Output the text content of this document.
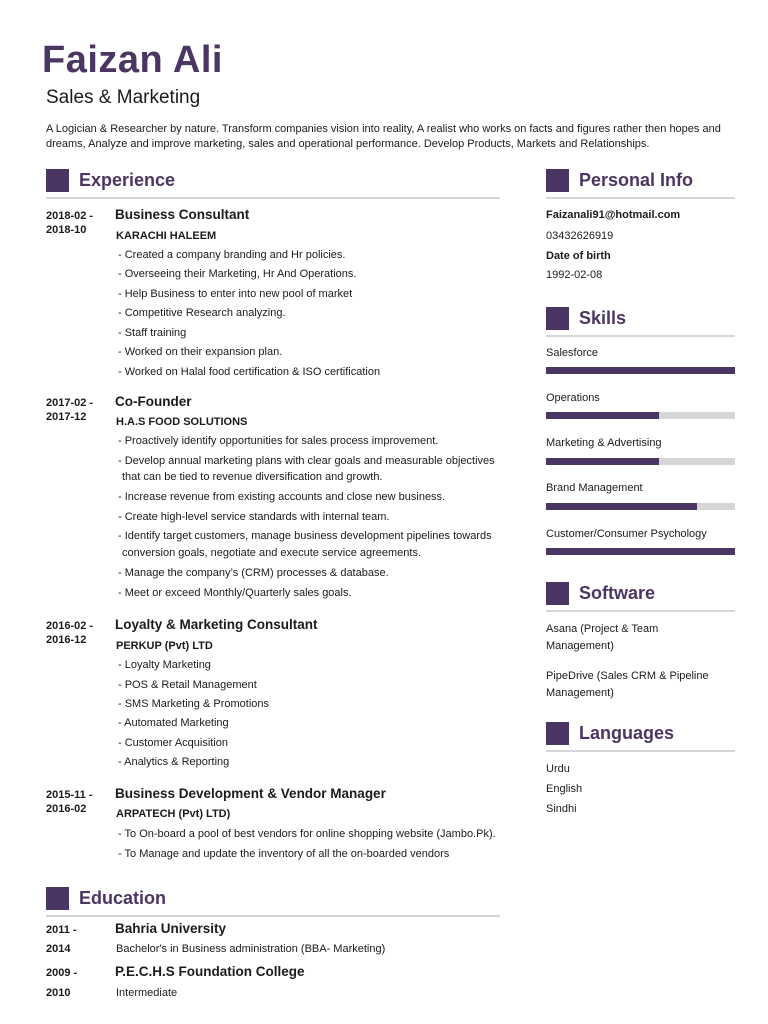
Faizan Ali
Sales & Marketing
A Logician & Researcher by nature. Transform companies vision into reality, A realist who works on facts and figures rather then hopes and dreams, Analyze and improve marketing, sales and operational performance. Develop Products, Markets and Relationships.
Experience
2018-02 -
2018-10
Business Consultant
KARACHI HALEEM
- Created a company branding and Hr policies.
- Overseeing their Marketing, Hr And Operations.
- Help Business to enter into new pool of market
- Competitive Research analyzing.
- Staff training
- Worked on their expansion plan.
- Worked on Halal food certification & ISO certification
2017-02 -
2017-12
Co-Founder
H.A.S FOOD SOLUTIONS
- Proactively identify opportunities for sales process improvement.
- Develop annual marketing plans with clear goals and measurable objectives
that can be tied to revenue diversification and growth.
- Increase revenue from existing accounts and close new business.
- Create high-level service standards with internal team.
- Identify target customers, manage business development pipelines towards
conversion goals, negotiate and execute service agreements.
- Manage the company’s (CRM) processes & database.
- Meet or exceed Monthly/Quarterly sales goals.
2016-02 -
2016-12
Loyalty & Marketing Consultant
PERKUP (Pvt) LTD
- Loyalty Marketing
- POS & Retail Management
- SMS Marketing & Promotions
- Automated Marketing
- Customer Acquisition
- Analytics & Reporting
2015-11 -
2016-02
Business Development & Vendor Manager
ARPATECH (Pvt) LTD)
- To On-board a pool of best vendors for online shopping website (Jambo.Pk).
- To Manage and update the inventory of all the on-boarded vendors
Education
2011 -	Bahria University
2014	Bachelor's in Business administration (BBA- Marketing)
2009 -	P.E.C.H.S Foundation College
2010	Intermediate
Personal Info
Faizanali91@hotmail.com
03432626919
Date of birth
1992-02-08
Skills
Salesforce
Operations
Marketing & Advertising
Brand Management
Customer/Consumer Psychology
Software
Asana (Project & Team
Management)
PipeDrive (Sales CRM & Pipeline
Management)
Languages
Urdu
English
Sindhi
